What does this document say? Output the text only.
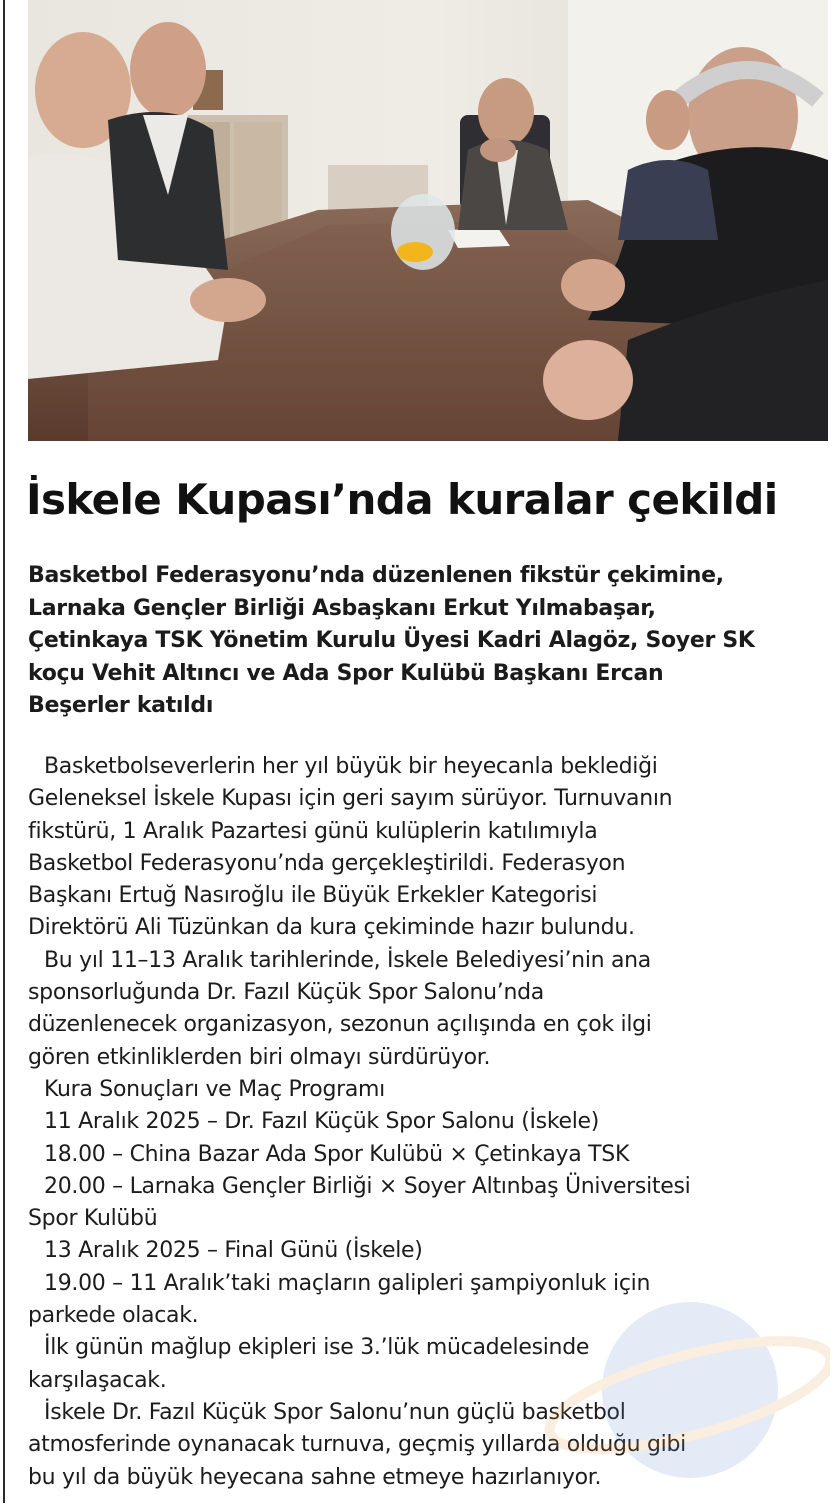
İskele Kupası’nda kuralar çekildi
Basketbol Federasyonu’nda düzenlenen fikstür çekimine,
Larnaka Gençler Birliği Asbaşkanı Erkut Yılmabaşar,
Çetinkaya TSK Yönetim Kurulu Üyesi Kadri Alagöz, Soyer SK
koçu Vehit Altıncı ve Ada Spor Kulübü Başkanı Ercan
Beşerler katıldı
Basketbolseverlerin her yıl büyük bir heyecanla beklediği
Geleneksel İskele Kupası için geri sayım sürüyor. Turnuvanın
fikstürü, 1 Aralık Pazartesi günü kulüplerin katılımıyla
Basketbol Federasyonu’nda gerçekleştirildi. Federasyon
Başkanı Ertuğ Nasıroğlu ile Büyük Erkekler Kategorisi
Direktörü Ali Tüzünkan da kura çekiminde hazır bulundu.
Bu yıl 11–13 Aralık tarihlerinde, İskele Belediyesi’nin ana
sponsorluğunda Dr. Fazıl Küçük Spor Salonu’nda
düzenlenecek organizasyon, sezonun açılışında en çok ilgi
gören etkinliklerden biri olmayı sürdürüyor.
Kura Sonuçları ve Maç Programı
11 Aralık 2025 – Dr. Fazıl Küçük Spor Salonu (İskele)
18.00 – China Bazar Ada Spor Kulübü × Çetinkaya TSK
20.00 – Larnaka Gençler Birliği × Soyer Altınbaş Üniversitesi
Spor Kulübü
13 Aralık 2025 – Final Günü (İskele)
19.00 – 11 Aralık’taki maçların galipleri şampiyonluk için
parkede olacak.
İlk günün mağlup ekipleri ise 3.’lük mücadelesinde
karşılaşacak.
İskele Dr. Fazıl Küçük Spor Salonu’nun güçlü basketbol
atmosferinde oynanacak turnuva, geçmiş yıllarda olduğu gibi
bu yıl da büyük heyecana sahne etmeye hazırlanıyor.
